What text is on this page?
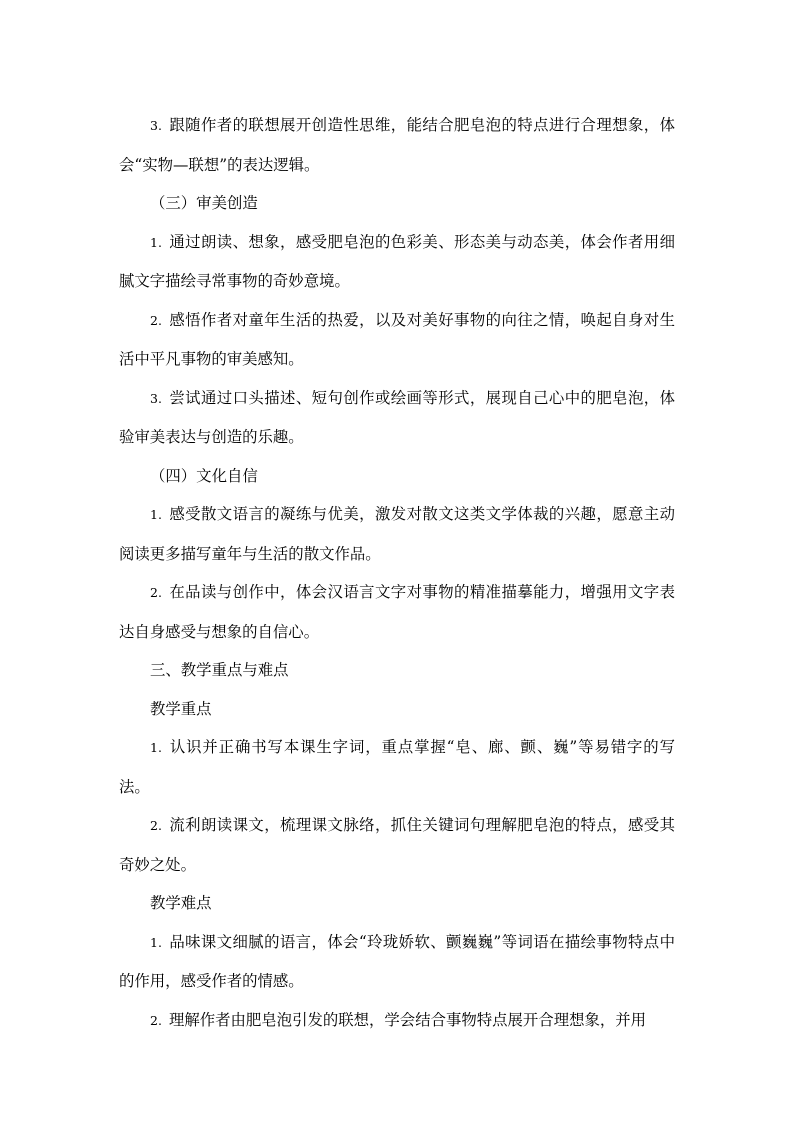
3. 跟随作者的联想展开创造性思维，能结合肥皂泡的特点进行合理想象，体会“实物—联想”的表达逻辑。

（三）审美创造

1. 通过朗读、想象，感受肥皂泡的色彩美、形态美与动态美，体会作者用细腻文字描绘寻常事物的奇妙意境。

2. 感悟作者对童年生活的热爱，以及对美好事物的向往之情，唤起自身对生活中平凡事物的审美感知。

3. 尝试通过口头描述、短句创作或绘画等形式，展现自己心中的肥皂泡，体验审美表达与创造的乐趣。

（四）文化自信

1. 感受散文语言的凝练与优美，激发对散文这类文学体裁的兴趣，愿意主动阅读更多描写童年与生活的散文作品。

2. 在品读与创作中，体会汉语言文字对事物的精准描摹能力，增强用文字表达自身感受与想象的自信心。

三、教学重点与难点

教学重点

1. 认识并正确书写本课生字词，重点掌握“皂、廊、颤、巍”等易错字的写法。

2. 流利朗读课文，梳理课文脉络，抓住关键词句理解肥皂泡的特点，感受其奇妙之处。

教学难点

1. 品味课文细腻的语言，体会“玲珑娇软、颤巍巍”等词语在描绘事物特点中的作用，感受作者的情感。

2. 理解作者由肥皂泡引发的联想，学会结合事物特点展开合理想象，并用
